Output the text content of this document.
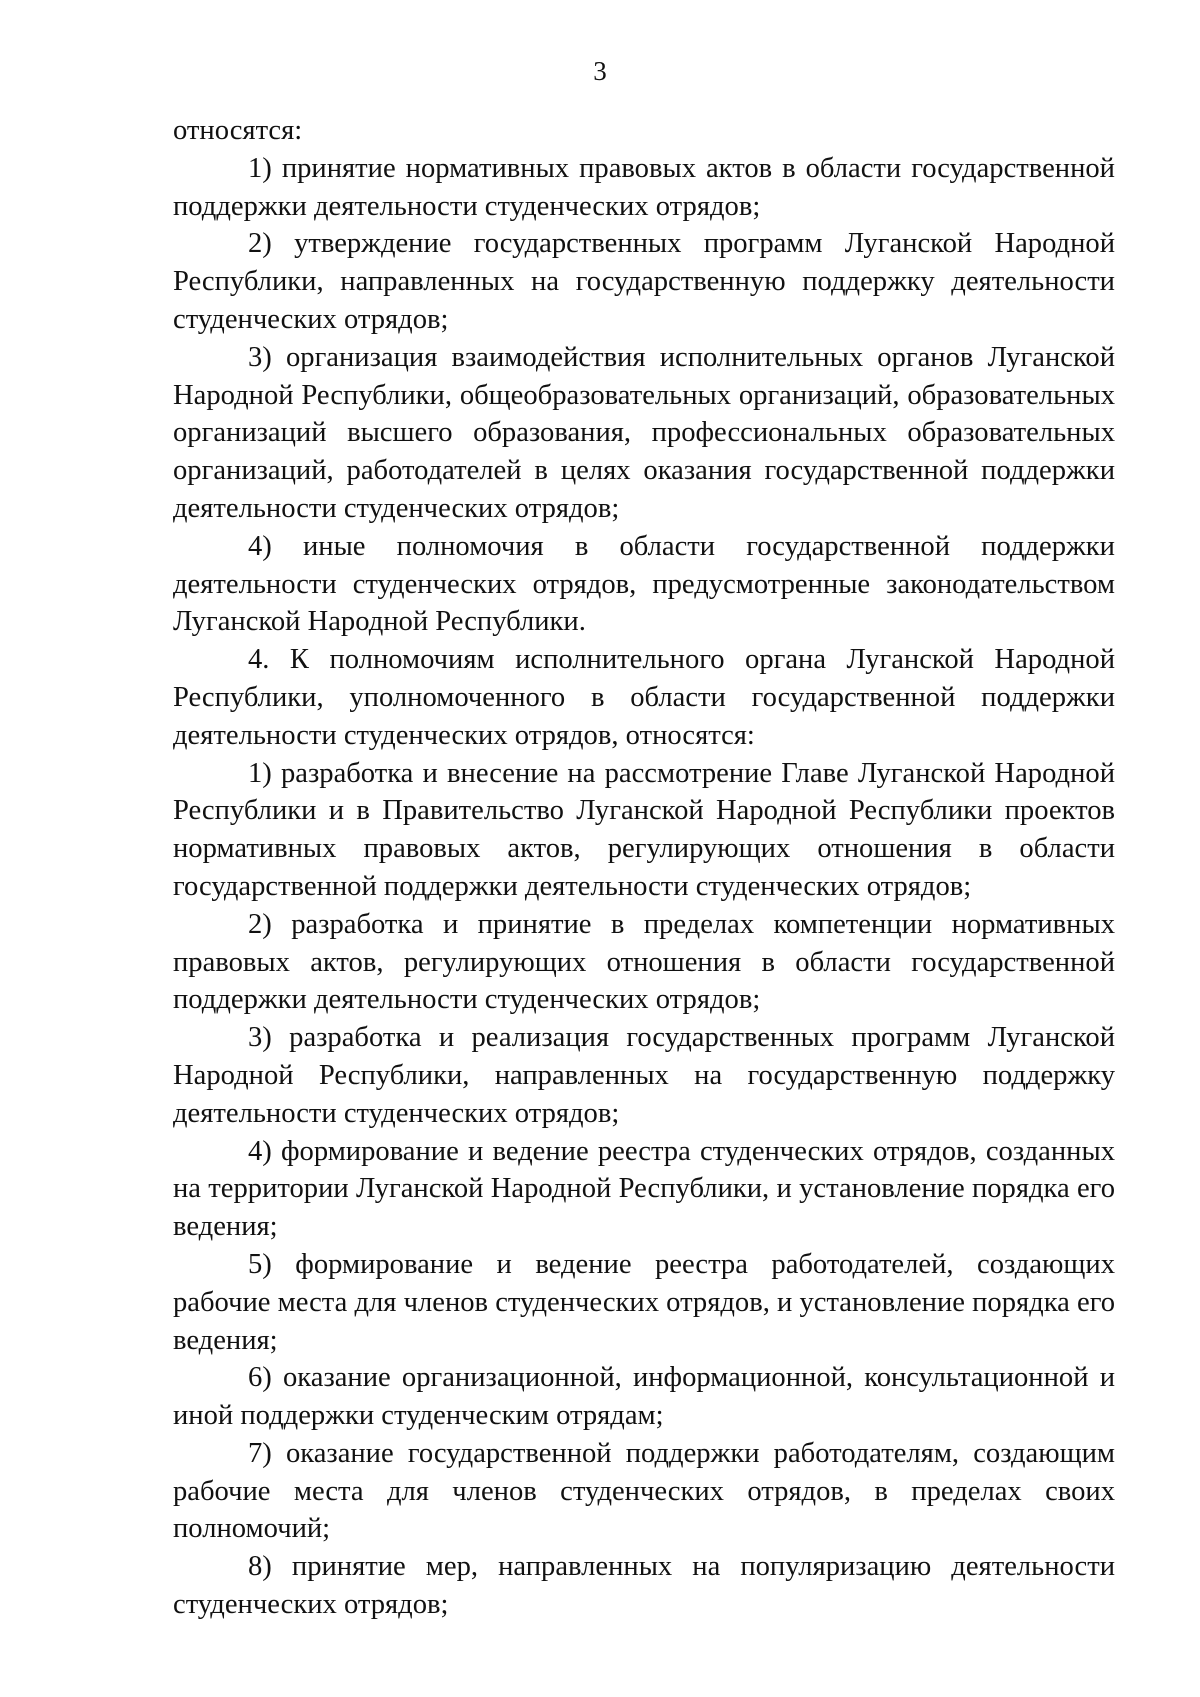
3

относятся:

1) принятие нормативных правовых актов в области государственной поддержки деятельности студенческих отрядов;

2) утверждение государственных программ Луганской Народной Республики, направленных на государственную поддержку деятельности студенческих отрядов;

3) организация взаимодействия исполнительных органов Луганской Народной Республики, общеобразовательных организаций, образовательных организаций высшего образования, профессиональных образовательных организаций, работодателей в целях оказания государственной поддержки деятельности студенческих отрядов;

4) иные полномочия в области государственной поддержки деятельности студенческих отрядов, предусмотренные законодательством Луганской Народной Республики.

4. К полномочиям исполнительного органа Луганской Народной Республики, уполномоченного в области государственной поддержки деятельности студенческих отрядов, относятся:

1) разработка и внесение на рассмотрение Главе Луганской Народной Республики и в Правительство Луганской Народной Республики проектов нормативных правовых актов, регулирующих отношения в области государственной поддержки деятельности студенческих отрядов;

2) разработка и принятие в пределах компетенции нормативных правовых актов, регулирующих отношения в области государственной поддержки деятельности студенческих отрядов;

3) разработка и реализация государственных программ Луганской Народной Республики, направленных на государственную поддержку деятельности студенческих отрядов;

4) формирование и ведение реестра студенческих отрядов, созданных на территории Луганской Народной Республики, и установление порядка его ведения;

5) формирование и ведение реестра работодателей, создающих рабочие места для членов студенческих отрядов, и установление порядка его ведения;

6) оказание организационной, информационной, консультационной и иной поддержки студенческим отрядам;

7) оказание государственной поддержки работодателям, создающим рабочие места для членов студенческих отрядов, в пределах своих полномочий;

8) принятие мер, направленных на популяризацию деятельности студенческих отрядов;
